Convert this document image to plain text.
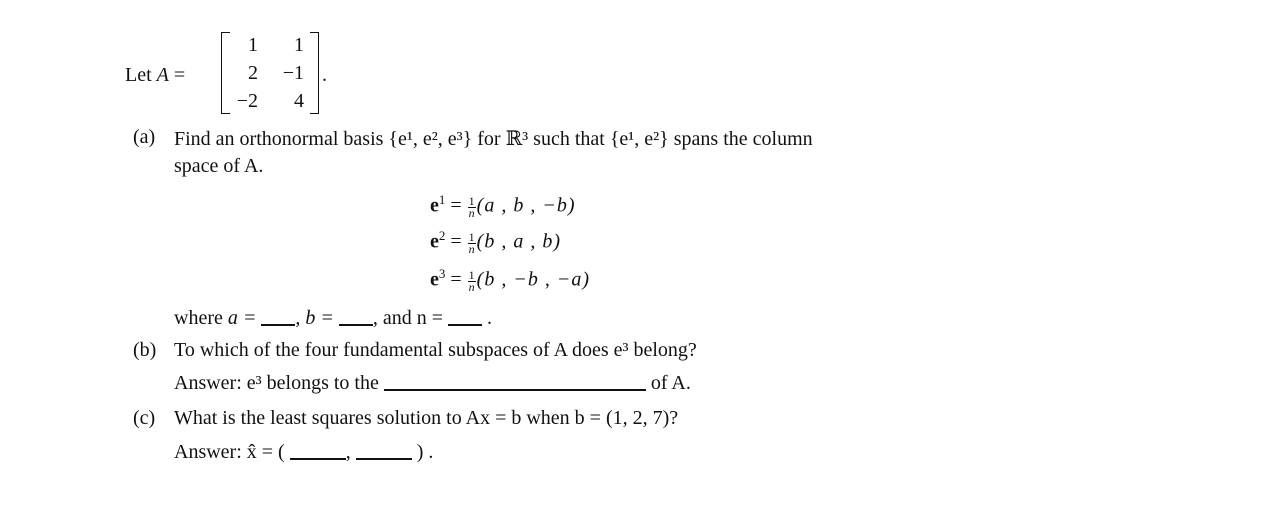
Let A =
1	1
2	−1
−2	4
.
(a) Find an orthonormal basis {e¹, e², e³} for ℝ³ such that {e¹, e²} spans the column
space of A.
$e^1 = \frac{1}{n} (a$ , b , −b)
$e^2 = \frac{1}{n} (b$ , a , b)
$e^3 = \frac{1}{n} (b$ , −b , −a)
where a = , b = , and n = .
(b) To which of the four fundamental subspaces of A does e³ belong?
Answer: e³ belongs to the	of A.
(c) What is the least squares solution to Ax = b when b = (1, 2, 7)?
Answer: x̂ = (	,	) .
